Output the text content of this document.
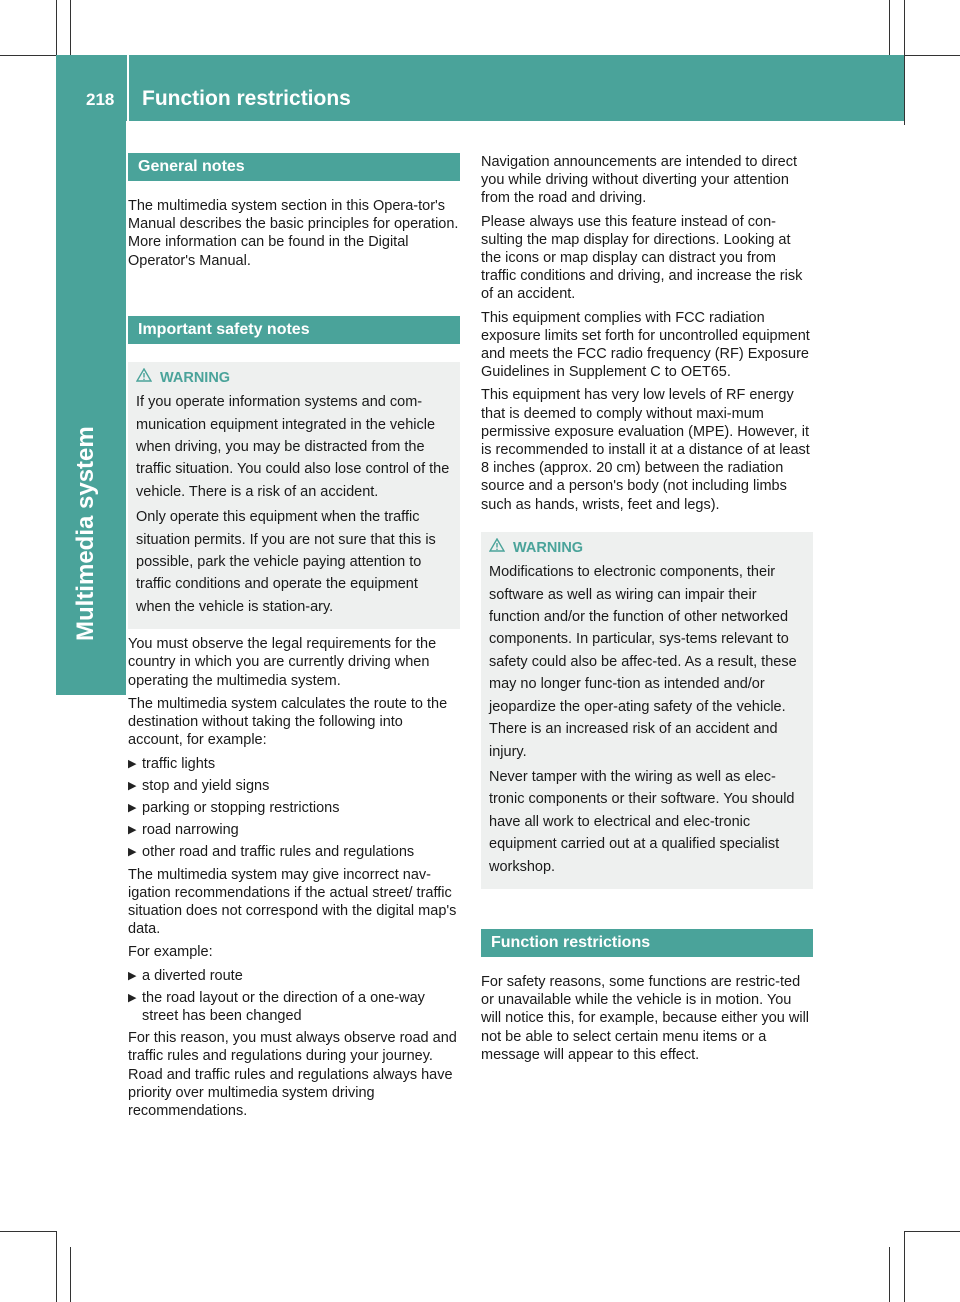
218 Function restrictions
Multimedia system
General notes

The multimedia system section in this Opera-tor's Manual describes the basic principles for operation. More information can be found in the Digital Operator's Manual.

Important safety notes
WARNING

If you operate information systems and com-munication equipment integrated in the vehicle when driving, you may be distracted from the traffic situation. You could also lose control of the vehicle. There is a risk of an accident.

Only operate this equipment when the traffic situation permits. If you are not sure that this is possible, park the vehicle paying attention to traffic conditions and operate the equipment when the vehicle is station-ary.

You must observe the legal requirements for the country in which you are currently driving when operating the multimedia system.

The multimedia system calculates the route to the destination without taking the following into account, for example:

▶ traffic lights
▶ stop and yield signs
▶ parking or stopping restrictions
▶ road narrowing
▶ other road and traffic rules and regulations

The multimedia system may give incorrect nav-igation recommendations if the actual street/ traffic situation does not correspond with the digital map's data.

For example:

▶ a diverted route
▶ the road layout or the direction of a one-way street has been changed

For this reason, you must always observe road and traffic rules and regulations during your journey. Road and traffic rules and regulations always have priority over multimedia system driving recommendations.

Navigation announcements are intended to direct you while driving without diverting your attention from the road and driving.

Please always use this feature instead of con-sulting the map display for directions. Looking at the icons or map display can distract you from traffic conditions and driving, and increase the risk of an accident.

This equipment complies with FCC radiation exposure limits set forth for uncontrolled equipment and meets the FCC radio frequency (RF) Exposure Guidelines in Supplement C to OET65.

This equipment has very low levels of RF energy that is deemed to comply without maxi-mum permissive exposure evaluation (MPE). However, it is recommended to install it at a distance of at least 8 inches (approx. 20 cm) between the radiation source and a person's body (not including limbs such as hands, wrists, feet and legs).

WARNING

Modifications to electronic components, their software as well as wiring can impair their function and/or the function of other networked components. In particular, sys-tems relevant to safety could also be affec-ted. As a result, these may no longer func-tion as intended and/or jeopardize the oper-ating safety of the vehicle. There is an increased risk of an accident and injury.

Never tamper with the wiring as well as elec-tronic components or their software. You should have all work to electrical and elec-tronic equipment carried out at a qualified specialist workshop.

Function restrictions

For safety reasons, some functions are restric-ted or unavailable while the vehicle is in motion. You will notice this, for example, because either you will not be able to select certain menu items or a message will appear to this effect.
